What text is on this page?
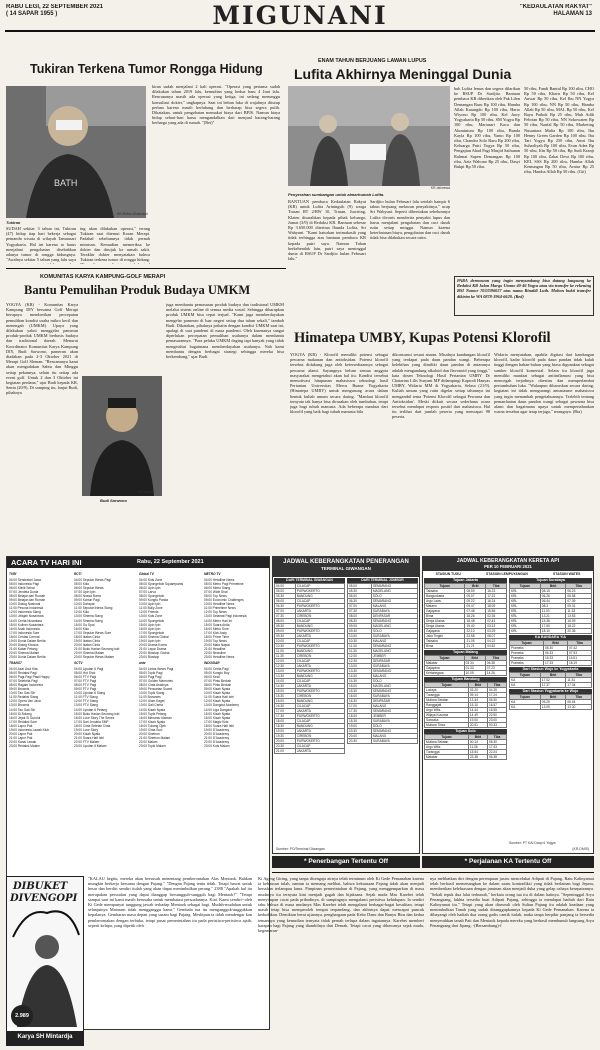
RABU LEGI, 22 SEPTEMBER 2021
( 14 SAPAR 1955 )	MIGUNANI	"KEDAULATAN RAKYAT"
HALAMAN 13
Tukiran Terkena Tumor Rongga Hidung
BATH
KR-Retno Wulandari
Tukiran
SUDAH sekitar 3 tahun ini, Tukiran (47) hidup tiap hari bekerja sebagai pemandu wisata di wilayah Tamansari Yogyakarta. Hal ini karena ia harus menjalani pengobatan disebabkan adanya tumor di rongga hidungnya. "Awalnya sekitar 5 tahun yang lalu saya
ing akan dilakukan operasi," terang Tukiran saat ditemui Koran Merapi. Padahal sebelumnya tidak pernah mimisan. Kemudian memeriksa ke dokter dan dirujuk ke rumah sakit. Terakhir dokter menyatakan bahwa Tukiran terkena tumor di rongga hidung.
kiran sudah menjalani 2 kali operasi. "Operasi yang pertama sudah dilakukan tahun 2019 lalu, kemudian yang kedua baru 4 Juni lalu. Rencananya masih ada operasi yang ketiga, ini sedang menunggu konsultasi dokter," ungkapnya. Saat ini beban luka di wajahnya ditutup perban karena masih berlubang dan berharap bisa segera pulih. Dikatakan, untuk pengobatan memakai biaya dari BPJS. Namun biaya hidup sehari-hari harus mengandalkan dari menjual barang-barang berharga yang ada di rumah. "(Ret)"
ENAM TAHUN BERJUANG LAWAN LUPUS
Lufita Akhirnya Meninggal Dunia
KR-Istimewa
Penyerahan sumbangan untuk almarhumah Lufita.
BANTUAN pembaca Kedaulatan Rakyat (KR) untuk Lufita Ariningsih (9) warga Trasan RT 2/RW 10, Trasan, Juwiring, Klaten disarahkan kepada pihak keluarga, Jumat (3/9) di Redaksi KR. Bantuan sebesar Rp 3.650.000 diterima Ibunda Lufita, Sri Wahyuni. "Kami haturkan terimakasih yang tidak terhingga atas bantuan pembaca KR kepada putri saya. Namun Tuhan berkehendak lain, putri saya meninggal dunia di RSUP Dr Sardjito bulan Februari lalu."
Sardjito bulan Februari lalu setelah hampir 6 tahun berjuang melawan penyakitnya," ucap Sri Wahyuni. Seperti diberitakan sebelumnya Lufita divonis menderita penyakit lupus dan harus menjalani pengobatan dan cuci darah rutin setiap minggu. Namun karena keterbatasan biaya, pengobatan dan cuci darah tidak bisa dilakukan secara rutin.
buh Lufita lemas dan segera dilarikan ke RSUP Dr Sardjito. Bantuan pembaca KR diberikan oleh Pak Lilen Demangan Baru Rp 100 ribu, Hamba Allah Karangdo Rp 100 ribu, Harto Wiyono Rp 100 ribu, Kel Jawy Yogyakarta Rp 50 ribu, SM Yogya Rp 100 ribu, Martasari Kaca dan Aluminium Rp 100 ribu, Bunda Kayla Rp 100 ribu, Yanto Rp 100 ribu, Chandra Solo Baru Rp 200 ribu, Keluarga Putri Yogya Rp 50 ribu, Pengajian Ahad Pagi Masjid Sathunan Rahmat Sapen Demangan Rp 100 ribu, Aziz Wahono Rp 25 ribu, Dasyi Bukpi Rp 50 ribu.
50 ribu, Fandi Bantul Rp 100 ribu, CHO Rp 50 ribu, Kharis Rp 50 ribu, Kel Anwar Rp 50 ribu, Kel Ibu NN Yogya Rp 100 ribu, NN Rp 50 ribu, Hamba Allah Rp 50 ribu, MAL Rp 50 ribu, Kel Bayu Pathok Rp 25 ribu, Muh Adib Febrian Rp 50 ribu, NN Sokowaten Rp 50 ribu, Naufal Rp 50 ribu, Marketing Nusantara Mulia Rp 100 ribu, Ibu Henny Green Garden Rp 100 ribu. Ibu Tari Yogya Rp 250 ribu, Amri Ibu Suharliyah Rp 100 ribu, Evan Adea Rp 50 ribu, Ifin Rp 50 ribu, Bp Sudi Kranji Rp 100 ribu, Zakat Dewi Rp 100 ribu, KEL SSS Rp 200 ribu, Hamba Allah Kentungan Rp 50 ribu, Avatar Rp 25 ribu, Hamba Allah Rp 50 ribu. (Git)
PARA dermawan yang ingin menyumbang bisa datang langsung ke Redaksi KR Jalan Margo Utomo 40-46 Yogya atau via transfer ke rekening BSI Nomor 7033596027 atas nama Rinaldi Luth. Mohon bukti transfer dikirim ke WA 0878-3964-6620. (Red)
KOMUNITAS KARYA KAMPUNG-GOLF MERAPI
Bantu Pemulihan Produk Budaya UMKM
YOGYA (KR) - Komunitas Karya Kampung DIY bersama Golf Merapi berupaya memberikan percepatan pemulihan kondisi usaha mikro kecil dan menengah (UMKM). Upaya yang dilakukan yakni menggelar pameran produk-produk UMKM berbasis budaya dan tradisional daerah. Menurut Koordinator Komunitas Karya Kampung DIY, Budi Sarwono, pameran akan diadakan pada 2-3 Oktober 2021 di Merapi Golf Sleman. "Rencananya kami akan mengadakan Sabtu dan Minggu setiap pekannya, selain itu setiap ada event golf. Untuk 2 dan 3 Oktober ini kegiatan perdana," ujar Budi kepada KR, Senin (20/9). Di samping itu, lanjut Budi, pihaknya
KR-Chaidir
Budi Sarwono
juga membantu pemasaran produk budaya dan tradisional UMKM melalui sistem online di semua media sosial. Sehingga diharapkan produk UMKM bisa cepat terjual. "Kami juga memberdayakan mengelar pameran di luar negeri setiap dua tahun sekali," tambah Budi. Dikatakan, pihaknya prihatin dengan kondisi UMKM saat ini, apalagi di saat pandemi di masa pandemi. Oleh karenanya sangat diperlukan percepatan pemulihan usahanya dalam membantu pemasarannya. "Para pelaku UMKM daging tapi banyak yang tidak mengetahui bagaimana memberdayakan usahanya. Nah kami membantu dengan berbagai strategi sehingga mereka bisa berkembang," ujar Budi.
Himatepa UMBY, Kupas Potensi Klorofil
YOGYA (KR) - Klorofil memiliki potensi sebagai pewarna makanan dan antioksidan. Potensi klorofil tersebut didukung juga oleh ketersediaannya sebagai pewarna alami. Sayangnya belum semua anggota masyarakat mengetahui akan hal itu. Kondisi tersebut memotivasi himpunan mahasiswa teknologi hasil Pertanian Universitas Mercu Buana Yogyakarta (Himatepa UMBY) untuk mengusung acara dalam bentuk kuliah umum secara daring. "Manfaat klorofil ternyata tak hanya bisa dirasakan oleh tumbuhan, tetapi juga bagi tubuh manusia. Ada beberapa manfaat dari klorofil yang baik bagi tubuh manusia bila
dikonsumsi sesuai aturan. Misalnya kandungan klorofil yang terdapat pada daun pandan wangi. Beberapa kelebihan yang dimiliki daun pandan di antaranya adalah mengandung alkaloid dan flavonoid yang tinggi," kata dosen Teknologi Hasil Pertanian UMBY Dr Chatarina Lilis Suryani MP didampingi Kaprodi Hanyas UMBY, Widarta MM di Yogyakarta, Selasa (21/9). Kuliah umum yang rutin digelar setiap tahunnya ini mengambil tema 'Potensi Klorofil sebagai Pewarna dan Antioksidan'. Meski diikuti secara sederhana acara tersebut mendapat respons positif dari mahasiswa. Hal itu terlihat dari jumlah peserta yang mencapai 98 peserta.
Widarta menyatakan, apabila digitasi dari kandungan klorofil, kadar klorofil pada daun pandan tidak kalah tinggi dengan bahan-bahan yang biasa digunakan sebagai sumber klorofil komersial. Selain itu klorofil juga memiliki manfaat sebagai antiinflamasi yang bisa mencegah terjadinya obesitas dan memperlambat pertumbuhan luka. "Walaupun diharuskan secara daring, kegiatan ini tidak mengurangi antusiasme mahasiswa yang ingin menambah pengetahuannya. Terlebih tentang pemanfaatan daun pandan wangi sebagai pewarna bisa alami dan bagaimana upaya untuk mempertahankan warna tersebut agar tetap terjaga," terangnya. (Ria)
ACARA TV HARI INI	Rabu, 22 September 2021
TVRI
04:00 Sendratari Jawa
05:00 Indonesia Pagi
06:00 Klinik Sehat
07:00 Jendela Dunia
08:00 Belajar dari Rumah
09:00 Belajar dari Rumah
10:00 Dialog Nasional
11:00 Pesona Indonesia
12:00 Indonesia Siang
13:00 Jelajah Nusantara
14:00 Cerita Nusantara
15:00 Kuliner Nusantara
16:00 Anak Indonesia
17:00 Indonesia Sore
18:00 Cerdas Cermat
19:00 Dunia Dalam Berita
20:00 Dialog Khusus
21:00 Kabar Petang
22:00 Sinema Malam
23:00 Dunia Dalam Berita
TRANS7
04:00 Asal Usul Kita
05:00 Redaksi Pagi
06:00 Pagi-Pagi Pasti Happy
07:00 Selebrita Pagi
08:00 Ragam Indonesia
09:00 Brownis
10:00 Tau Gak Sih
11:00 Redaksi Siang
12:00 Opera Van Java
13:00 Brownis
14:00 Tau Gak Sih
15:00 Si Bolang
16:00 Jejak Si Gundul
17:00 Redaksi Sore
18:00 Lapor Pak
19:00 Indonesia Lawak Klub
20:00 Lapor Pak
21:00 Lapor Pak
22:00 Kanal Lawak
23:00 Redaksi Malam
RCTI
04:00 Seputar iNews Pagi
05:00 Kiko
06:00 Seputar iNews
07:00 Upin Ipin
08:00 Nussa Rarra
09:00 Kartun Pagi
10:00 Dahsyat
11:00 Seputar iNews Siang
12:00 Kiko
13:00 Sinema Siang
14:00 Sinema Siang
15:00 Go Spot
16:00 Kiko
17:00 Seputar iNews Sore
18:00 Ikatan Cinta
19:00 Ikatan Cinta
20:00 Ikatan Cinta
21:00 Buku Harian Seorang Istri
22:00 Sinema Malam
23:00 Seputar iNews Malam
SCTV
04:00 Liputan 6 Pagi
05:00 Hot Shot
06:00 FTV Pagi
07:00 FTV Pagi
08:00 FTV Pagi
09:00 FTV Pagi
10:00 Liputan 6 Siang
11:00 FTV Siang
12:00 FTV Siang
13:00 FTV Siang
14:00 Liputan 6 Petang
15:00 Buku Harian Seorang Istri
16:00 Love Story The Series
17:00 Dari Jendela SMP
18:00 Cinta Setelah Cinta
19:00 Love Story
20:00 Kisah Nyata
21:00 Suara Hati Istri
22:00 FTV Malam
23:00 Liputan 6 Malam
Global TV
04:00 Kids Zone
05:00 Spongebob Squarepants
06:00 Upin Ipin
07:00 Larva
08:00 Spongebob
09:00 Kungfu Panda
10:00 Upin Ipin
11:00 Bolly Zone
12:00 Friends
13:00 Kids Zone
14:00 Spongebob
15:00 Upin Ipin
16:00 Upin Ipin
17:00 Spongebob
18:00 Sinema Global
19:00 Upin Ipin
20:00 Drama Korea
21:00 Layar Drama
22:00 Bioskop Global
23:00 Bioskop
antv
04:00 Lintas iNews Pagi
05:00 Topik Pagi
06:00 Pagi Pagi
07:00 Golden Memories
08:00 Cinta Anaknya
09:00 Pencarian Suami
10:00 Topik Siang
11:00 Brownies
12:00 Ulam Kaget
13:00 Gali Cerita
14:00 Kisah Nyata
15:00 Topik Petang
16:00 Menantu Idaman
17:00 Kisah Nyata
18:00 Tukang Ojek
19:00 Cinta Suci
20:00 Sinetron
21:00 Sinetron Malam
22:00 Malam
23:00 Topik Malam
METRO TV
04:00 Headline News
05:00 Metro Pagi Primetime
06:00 Metro Siang
07:00 Wide Shot
08:00 Top News
09:00 Economic Challenges
10:00 Headline News
11:00 Primetime News
12:00 Top News
13:00 Selamat Pagi Indonesia
14:00 Metro Hari Ini
15:00 Suara Anda
16:00 Metro Sore
17:00 Kick Andy
18:00 Prime Time
19:00 Top News
20:00 Mata Najwa
21:00 Headline
22:00 Newsline
23:00 Headline News
INDOSIAR
04:00 Cerita Pagi
05:00 Kungfu Boy
06:00 Kecil
07:00 Pintu Berkah
08:00 Pintu Berkah
09:00 Kisah Nyata
10:00 Kisah Nyata
11:00 Suara Hati Istri
12:00 Kisah Nyata
13:00 Dangdut Academy
14:00 Liga Dangdut
15:00 Kisah Nyata
16:00 Kisah Nyata
17:00 Magic Kids
18:00 Suara Hati Istri
19:00 D'Academy
20:00 D'Academy
21:00 D'Academy
22:00 D'Academy
23:00 Kuis Malam
JADWAL KEBERANGKATAN PENERANGAN
TERMINAL GIWANGAN
DARI TERMINAL GIWANGAN
04.00	CILACAP
05.00	PURWOKERTO
05.30	BANDUNG
06.00	CILACAP
06.30	PURWOKERTO
07.00	JAKARTA
07.30	CIREBON
08.00	CILACAP
08.30	BANDUNG
09.00	PURWOKERTO
09.30	JAKARTA
10.00	CILACAP
10.30	PURWOKERTO
11.00	BANDUNG
11.30	CIREBON
12.00	CILACAP
12.30	JAKARTA
13.00	PURWOKERTO
13.30	BANDUNG
14.00	CILACAP
14.30	JAKARTA
15.00	PURWOKERTO
15.30	CIREBON
16.00	BANDUNG
16.30	CILACAP
17.00	JAKARTA
17.30	PURWOKERTO
18.00	CILACAP
18.30	BANDUNG
19.00	JAKARTA
19.30	CIREBON
20.00	PURWOKERTO
20.30	CILACAP
21.00	JAKARTA
DARI TERMINAL JOMBOR
05.00	SEMARANG
05.30	MAGELANG
06.00	SOLO
06.30	SEMARANG
07.00	MALANG
07.30	SURABAYA
08.00	DENPASAR
08.30	SEMARANG
09.00	MAGELANG
09.30	SOLO
10.00	SURABAYA
10.30	MALANG
11.00	SEMARANG
11.30	MAGELANG
12.00	JEMBER
12.30	DENPASAR
13.00	SURABAYA
13.30	SEMARANG
14.00	MALANG
14.30	SOLO
15.00	MAGELANG
15.30	SEMARANG
16.00	SURABAYA
16.30	DENPASAR
17.00	MALANG
17.30	SEMARANG
18.00	JEMBER
18.30	SURABAYA
19.00	SOLO
19.30	SEMARANG
20.00	MALANG
20.30	SURABAYA
Sumber: PO/Terminal Giwangan
* Penerbangan Tertentu Off
JADWAL KEBERANGKATAN KERETA API
PER 10 FEBRUARI 2021
STASIUN TUGU	STASIUN LEMPUYANGAN	STASIUN WATES
Tujuan Jakarta
Tujuan	Brkt	Tiba
Taksaka	08.59	16.23
Bangunkarta	09.07	17.22
Argo Lawu	09.22	16.24
Matarm	09.47	18.09
Gajayana	07.48	15.55
Bima	18.26	02.35
Senja Utama	18.48	02.43
Senja Utama	19.40	03.13
Gajayana	22.10	03.29
Jaka Tingkir	23.58	08.07
Taksaka	21.05	04.22
Bima	21.21	04.52
Tujuan Malang
Tujuan	Brkt	Tiba
Malabar	03.34	06.38
Gajayana	01.33	07.23
Kertanegara	10.09	14.26
Tujuan Bandung
Tujuan	Brkt	Tiba
Lodaya	03.20	04.35
Turangga	09.14	17.24
Mutiara Selatan	13.44	06.30
Ranggajati	15.10	16.57
Argo Wilis	14.44	15.55
Wijaya Kusuma	14.49	22.50
Sancaka	19.00	23.00
Mutiara Timur	20.51	00.33
Tujuan Solo
Tujuan	Brkt	Tiba
Mutiara Selatan	00.14	06.30
Argo Wilis	11.06	17.43
Turangga	15.54	22.24
Malabar	23.38	06.38
Tujuan Surabaya
Tujuan	Brkt	Tiba
KRL	08.15	06.23
KRL	06.26	06.58
KRL	06.44	07.39
KRL	08.3	09.31
KRL	11.03	11.33
KRL	13.21	13.53
KRL	15.38	16.09
KRL	17.50	18.22
KRL	18.10	20.36
KA BANDARA YIA
Tujuan	Brkt	Tiba
Prameks	05.30	07.42
Prameks	06.33	07.53
Prameks	15.33	14.51
Prameks	17.33	18.19
Dari Stasiun Wojo ke Yogyakarta
Tujuan	Brkt	Tiba
KA	17.02	11.51
KA	17.37	17.34
Dari Stasiun Yogyakarta ke Wojo
Tujuan	Brkt	Tiba
KA	05.25	06.04
KA	13.05	13.30
Sumber: PT KAI Daop 6 Yogya
(KR-DMIS)
* Perjalanan KA Tertentu Off
DIBUKET
DIVENGOPI
2.989
Karya SH Mintardja
"KALAU begitu, mereka akan bersusah menentang pemberontakan Alas Mentaok. Bahkan mungkin berkerja bersama dengan Pajang." "Dengan Pajang tentu tidak. Tetapi hasrat untuk besar dan berdiri sendiri itulah yang akan dapat menimbulkan perang." 2388 "Apakah hal itu merupakan persoalan yang dapat dianggap bersungguh-sungguh bagi Mentaok?" "Tetapi sampai saat ini kami masih berusaha untuk membatasi persoalannya. Kiai. Kami sendiri--oleh Ki Gede mempunyai tanggung jawab terhadap Mentaok sebagai bagi. Mudah-mudahan untuk selanjutnya Mataram tidak mengganggu kami." Gembala tua itu mengangguk-anggukkan kepalanya. Gembaran masa depan yang suram bagi Pajang. Meskipun ia tidak mendengar kan pemberontakan dengan terbuka, tetapi pusat pemerintahan itu pada peristiwa-peristiwa ajaib, seperti kelapa, yang dipetik oleh
Ki Ageng Giring, yang tanpa disengaja airnya telah terminum oleh Ki Gede Pemanahan karena ia kehausan tulah, namun ia memang melihat, bahwa kekuasaan Pajang tidak akan menjadi bertahan terlampau lama. Pimpinan pemerintahan di Pajang, yang menggemparkan di masa mudanya itu ternyata kini menjadi gagah dan bijaksana. Sejak muda Mas Karebet telah menyimpan cacat pada pribadinya, di sampingnya mengalami peristiwa kehidupan. Ia sendiri tahu bahwa di masa mudanya Mas Karebet telah mengalami berbagai-bagai kesulitan, tetapi masih tetap bisa memperoleh tempat terpandang, dan akhirnya dapat mencapai puncak kedudukan. Demikian berat ujiannya, penghargaan pada Kebo Danu dan Banyu Biru dan kedua temannya yang kemudian ternyata tidak pernah terlupa dalam ingatannya. Karebet memberi harapan bagi Pajang yang diambilnya dari Demak. Tetapi cacat yang dibawanya sejak muda, kegemaran-
nya melibatkan diri dengan perempuan justru mencelakai Adipati di Pajang. Ratu Kalinyamat telah berhasil memenangkan ke dalam saatu kontradiksi yang tidak berlainan bagi Jepara, memberikan keleluasaan dengan jaminan akan menjadi duka yang gelap cahaya kesepatannya. "Sekali tepuk dua lalat terbunuh," berkata orang tua itu di dalam hatinya. "Sepeninggal Arya Penangsang, lakhta tersedia buat Adipati Pajang, sehingga ia mendapat hadiah dari Ratu Kalinyamat itu." Tetapi yang akan diseseali oleh Sultan Pajang itu adalah keadaan yang menimbulkan Tanah yang sudah disanggupkannya kepada Ki Gede Pemanahan. Karena ia dibayangi oleh hadiah dua orang gadis cantik itulah, maka tanpa berpikir panjang ia bersedia menyerahkan tanah Pati dan Mentaok kepada mereka yang berhasil membunuh langsung Arya Penangsang dari Jipang. -(Bersambung)-f
